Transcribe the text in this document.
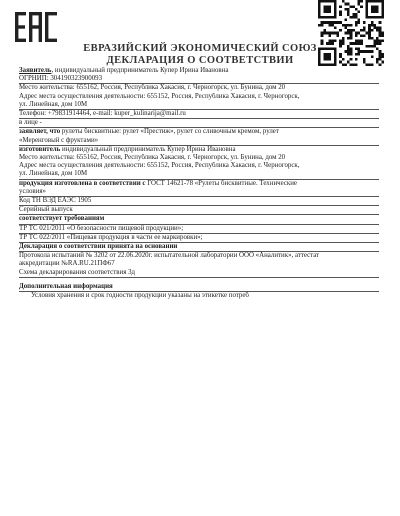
ЕВРАЗИЙСКИЙ ЭКОНОМИЧЕСКИЙ СОЮЗ
ДЕКЛАРАЦИЯ О СООТВЕТСТВИИ
Заявитель, индивидуальный предприниматель Купер Ирина Ивановна
ОГРНИП: 304190323900093
Место жительства: 655162, Россия, Республика Хакасия, г. Черногорск, ул. Бунина, дом 20
Адрес места осуществления деятельности: 655152, Россия, Республика Хакасия, г. Черногорск,
ул. Линейная, дом 10М
Телефон: +79831914464, e-mail: kuper_kulinarija@mail.ru
в лице -
заявляет, что рулеты бисквитные: рулет «Престиж», рулет со сливочным кремом, рулет
«Меренговый с фруктами»
изготовитель индивидуальный предприниматель Купер Ирина Ивановна
Место жительства: 655162, Россия, Республика Хакасия, г. Черногорск, ул. Бунина, дом 20
Адрес места осуществления деятельности: 655152, Россия, Республика Хакасия, г. Черногорск,
ул. Линейная, дом 10М
продукция изготовлена в соответствии с ГОСТ 14621-78 «Рулеты бисквитные. Технические
условия»
Код ТН ВЭД ЕАЭС 1905
Серийный выпуск
соответствует требованиям
ТР ТС 021/2011 «О безопасности пищевой продукции»;
ТР ТС 022/2011 «Пищевая продукция в части ее маркировки»;
Декларация о соответствии принята на основании
Протокола испытаний № 3202 от 22.06.2020г. испытательной лаборатории ООО «Аналитик», аттестат
аккредитации №RA.RU.21ПФ67
Схема декларирования соответствия 3д
Дополнительная информация
Условия хранения и срок годности продукции указаны на этикетке потреб
